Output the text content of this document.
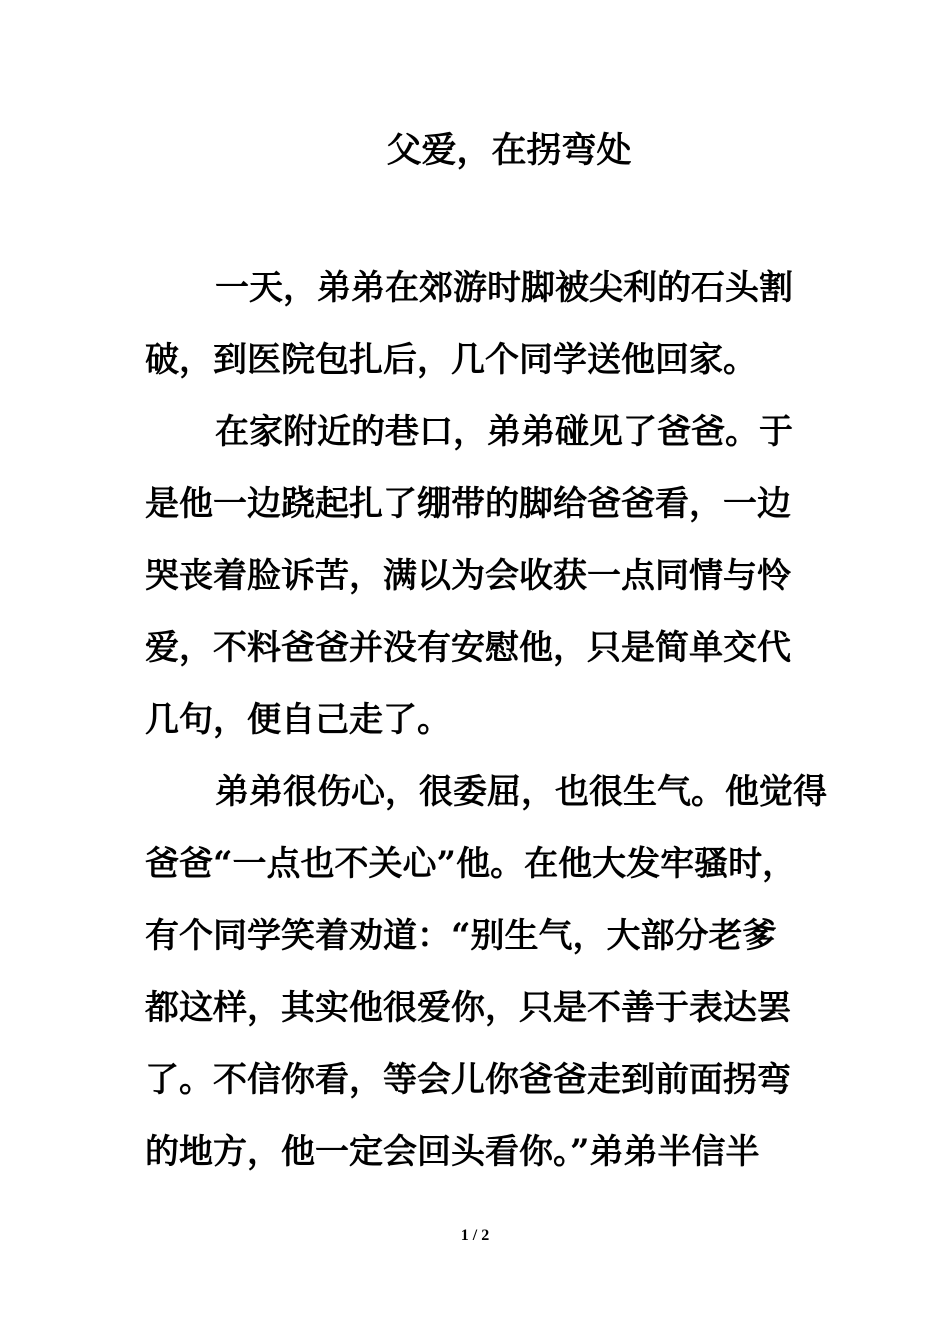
父爱，在拐弯处
一天，弟弟在郊游时脚被尖利的石头割
破，到医院包扎后，几个同学送他回家。
在家附近的巷口，弟弟碰见了爸爸。于
是他一边跷起扎了绷带的脚给爸爸看，一边
哭丧着脸诉苦，满以为会收获一点同情与怜
爱，不料爸爸并没有安慰他，只是简单交代
几句，便自己走了。
弟弟很伤心，很委屈，也很生气。他觉得
爸爸“一点也不关心”他。在他大发牢骚时，
有个同学笑着劝道：“别生气，大部分老爹
都这样，其实他很爱你，只是不善于表达罢
了。不信你看，等会儿你爸爸走到前面拐弯
的地方，他一定会回头看你。”弟弟半信半
1 / 2
